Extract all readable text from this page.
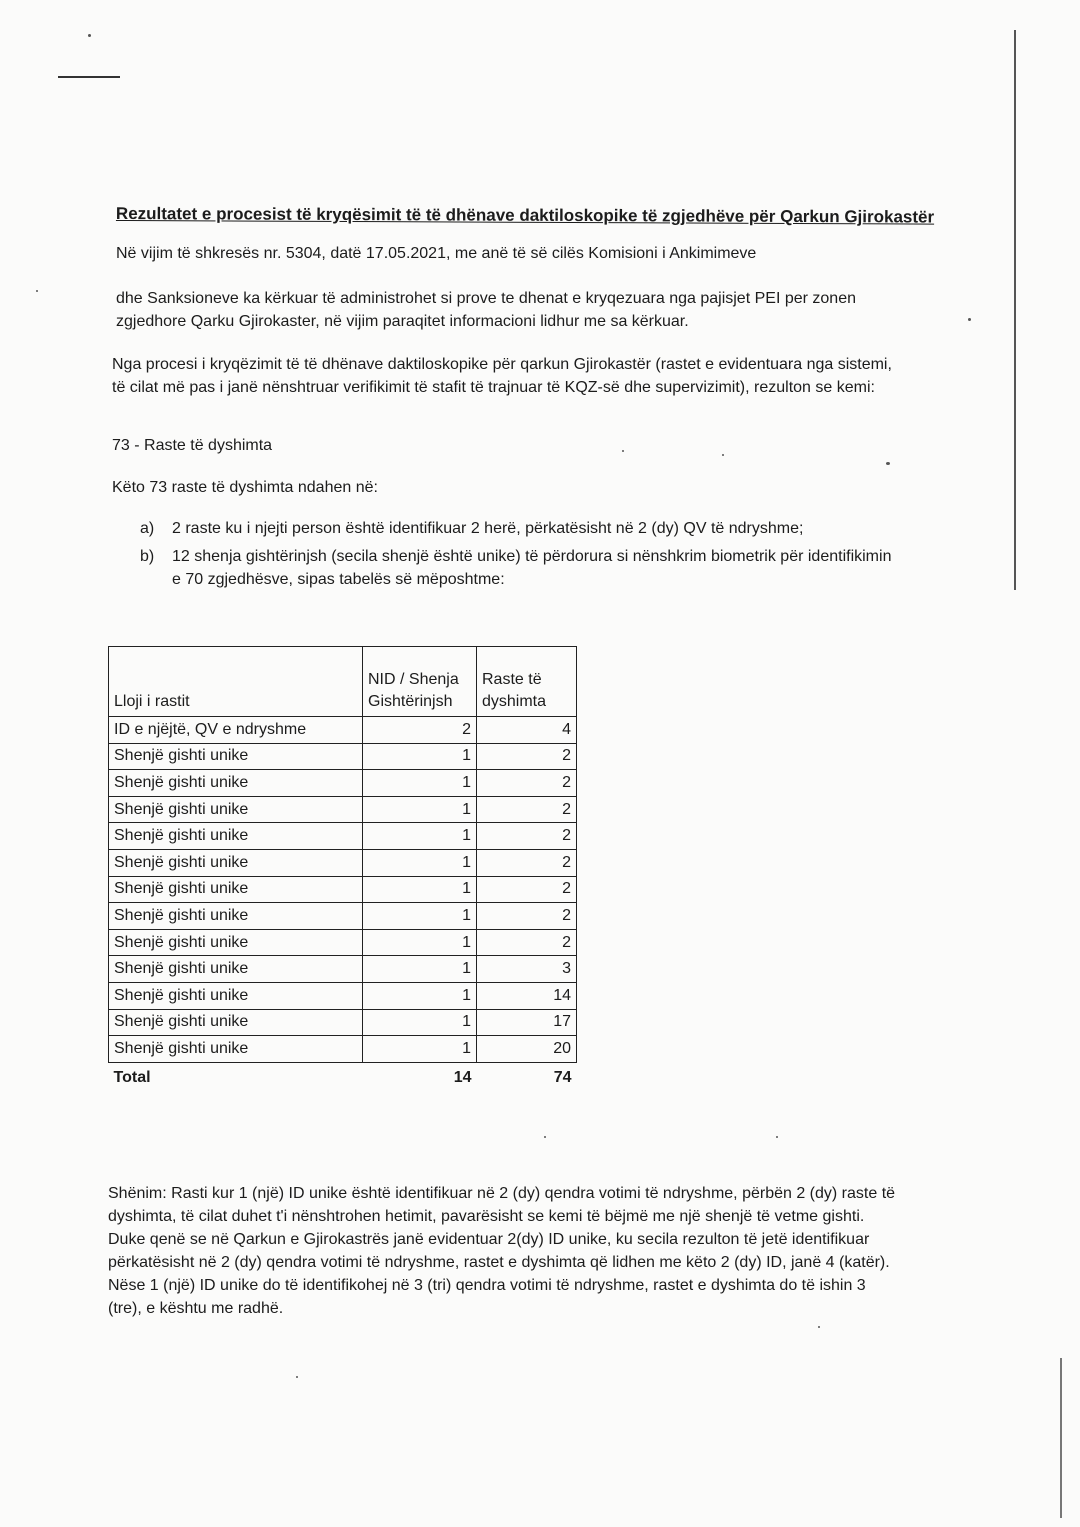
Rezultatet e procesist të kryqësimit të të dhënave daktiloskopike të zgjedhëve për Qarkun Gjirokastër
Në vijim të shkresës nr. 5304, datë 17.05.2021, me anë të së cilës Komisioni i Ankimimeve
dhe Sanksioneve ka kërkuar të administrohet si prove te dhenat e kryqezuara nga pajisjet PEI per zonen zgjedhore Qarku Gjirokaster, në vijim paraqitet informacioni lidhur me sa kërkuar.
Nga procesi i kryqëzimit të të dhënave daktiloskopike për qarkun Gjirokastër (rastet e evidentuara nga sistemi, të cilat më pas i janë nënshtruar verifikimit të stafit të trajnuar të KQZ-së dhe supervizimit), rezulton se kemi:
73 - Raste të dyshimta
Këto 73 raste të dyshimta ndahen në:
a) 2 raste ku i njejti person është identifikuar 2 herë, përkatësisht në 2 (dy) QV të ndryshme;
b) 12 shenja gishtërinjsh (secila shenjë është unike) të përdorura si nënshkrim biometrik për identifikimin e 70 zgjedhësve, sipas tabelës së mëposhtme:
Lloji i rastit	NID / Shenja Gishtërinjsh	Raste të dyshimta
ID e njëjtë, QV e ndryshme	2	4
Shenjë gishti unike	1	2
Shenjë gishti unike	1	2
Shenjë gishti unike	1	2
Shenjë gishti unike	1	2
Shenjë gishti unike	1	2
Shenjë gishti unike	1	2
Shenjë gishti unike	1	2
Shenjë gishti unike	1	2
Shenjë gishti unike	1	3
Shenjë gishti unike	1	14
Shenjë gishti unike	1	17
Shenjë gishti unike	1	20
Total	14	74
Shënim: Rasti kur 1 (një) ID unike është identifikuar në 2 (dy) qendra votimi të ndryshme, përbën 2 (dy) raste të dyshimta, të cilat duhet t'i nënshtrohen hetimit, pavarësisht se kemi të bëjmë me një shenjë të vetme gishti. Duke qenë se në Qarkun e Gjirokastrës janë evidentuar 2(dy) ID unike, ku secila rezulton të jetë identifikuar përkatësisht në 2 (dy) qendra votimi të ndryshme, rastet e dyshimta që lidhen me këto 2 (dy) ID, janë 4 (katër). Nëse 1 (një) ID unike do të identifikohej në 3 (tri) qendra votimi të ndryshme, rastet e dyshimta do të ishin 3 (tre), e kështu me radhë.
